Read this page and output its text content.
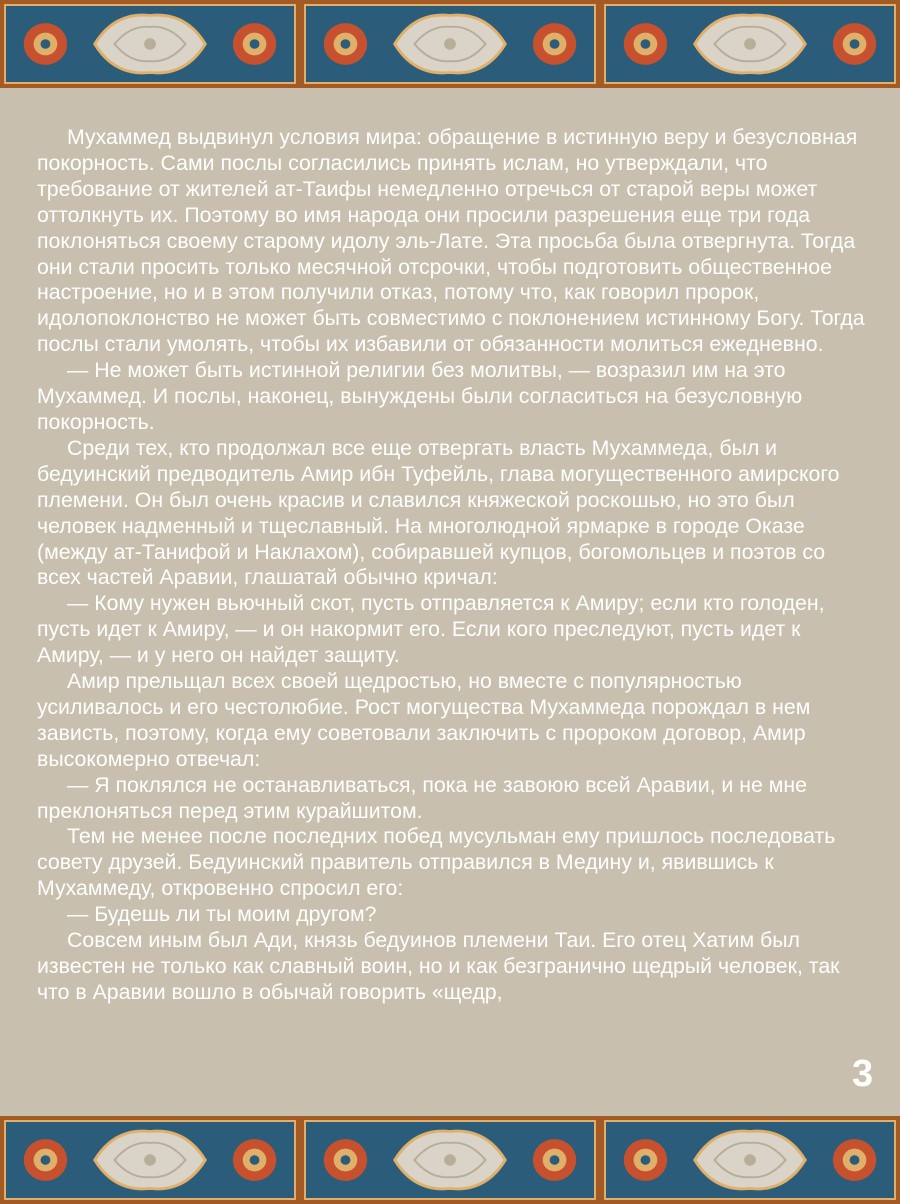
Мухаммед выдвинул условия мира: обращение в истинную веру и безусловная покорность. Сами послы согласились принять ислам, но утверждали, что требование от жителей ат-Таифы немедленно отречься от старой веры может оттолкнуть их. Поэтому во имя народа они просили разрешения еще три года поклоняться своему старому идолу эль-Лате. Эта просьба была отвергнута. Тогда они стали просить только месячной отсрочки, чтобы подготовить общественное настроение, но и в этом получили отказ, потому что, как говорил пророк, идолопоклонство не может быть совместимо с поклонением истинному Богу. Тогда послы стали умолять, чтобы их избавили от обязанности молиться ежедневно.

— Не может быть истинной религии без молитвы, — возразил им на это Мухаммед. И послы, наконец, вынуждены были согласиться на безусловную покорность.

Среди тех, кто продолжал все еще отвергать власть Мухаммеда, был и бедуинский предводитель Амир ибн Туфейль, глава могущественного амирского племени. Он был очень красив и славился княжеской роскошью, но это был человек надменный и тщеславный. На многолюдной ярмарке в городе Оказе (между ат-Танифой и Наклахом), собиравшей купцов, богомольцев и поэтов со всех частей Аравии, глашатай обычно кричал:

— Кому нужен вьючный скот, пусть отправляется к Амиру; если кто голоден, пусть идет к Амиру, — и он накормит его. Если кого преследуют, пусть идет к Амиру, — и у него он найдет защиту.

Амир прельщал всех своей щедростью, но вместе с популярностью усиливалось и его честолюбие. Рост могущества Мухаммеда порождал в нем зависть, поэтому, когда ему советовали заключить с пророком договор, Амир высокомерно отвечал:

— Я поклялся не останавливаться, пока не завоюю всей Аравии, и не мне преклоняться перед этим курайшитом.

Тем не менее после последних побед мусульман ему пришлось последовать совету друзей. Бедуинский правитель отправился в Медину и, явившись к Мухаммеду, откровенно спросил его:

— Будешь ли ты моим другом?

Совсем иным был Ади, князь бедуинов племени Таи. Его отец Хатим был известен не только как славный воин, но и как безгранично щедрый человек, так что в Аравии вошло в обычай говорить «щедр,

3
